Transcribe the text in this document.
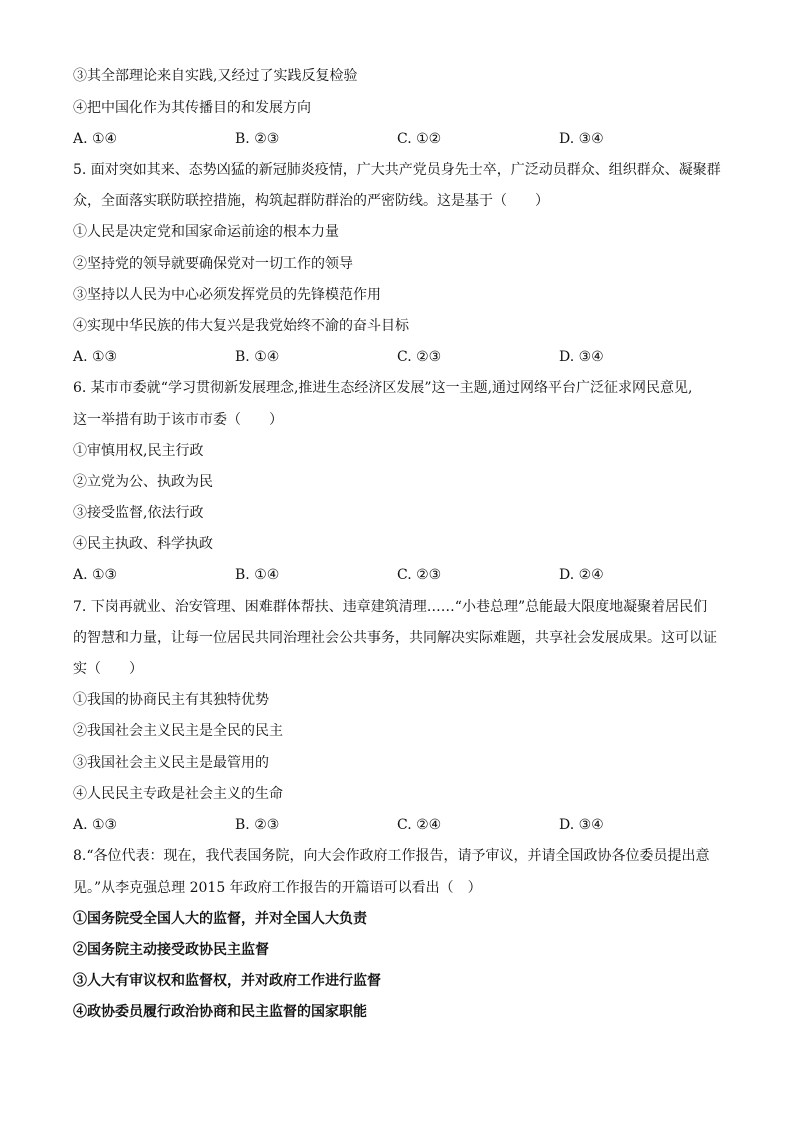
③其全部理论来自实践,又经过了实践反复检验
④把中国化作为其传播目的和发展方向
A. ①④	B. ②③	C. ①②	D. ③④
5. 面对突如其来、态势凶猛的新冠肺炎疫情，广大共产党员身先士卒，广泛动员群众、组织群众、凝聚群
众，全面落实联防联控措施，构筑起群防群治的严密防线。这是基于（　　）
①人民是决定党和国家命运前途的根本力量
②坚持党的领导就要确保党对一切工作的领导
③坚持以人民为中心必须发挥党员的先锋模范作用
④实现中华民族的伟大复兴是我党始终不渝的奋斗目标
A. ①③	B. ①④	C. ②③	D. ③④
6. 某市市委就“学习贯彻新发展理念,推进生态经济区发展”这一主题,通过网络平台广泛征求网民意见,
这一举措有助于该市市委（　　）
①审慎用权,民主行政
②立党为公、执政为民
③接受监督,依法行政
④民主执政、科学执政
A. ①③	B. ①④	C. ②③	D. ②④
7. 下岗再就业、治安管理、困难群体帮扶、违章建筑清理……“小巷总理”总能最大限度地凝聚着居民们
的智慧和力量，让每一位居民共同治理社会公共事务，共同解决实际难题，共享社会发展成果。这可以证
实（　　）
①我国的协商民主有其独特优势
②我国社会主义民主是全民的民主
③我国社会主义民主是最管用的
④人民民主专政是社会主义的生命
A. ①③	B. ②③	C. ②④	D. ③④
8.“各位代表：现在，我代表国务院，向大会作政府工作报告，请予审议，并请全国政协各位委员提出意
见。”从李克强总理 2015 年政府工作报告的开篇语可以看出（　）
①国务院受全国人大的监督，并对全国人大负责
②国务院主动接受政协民主监督
③人大有审议权和监督权，并对政府工作进行监督
④政协委员履行政治协商和民主监督的国家职能
